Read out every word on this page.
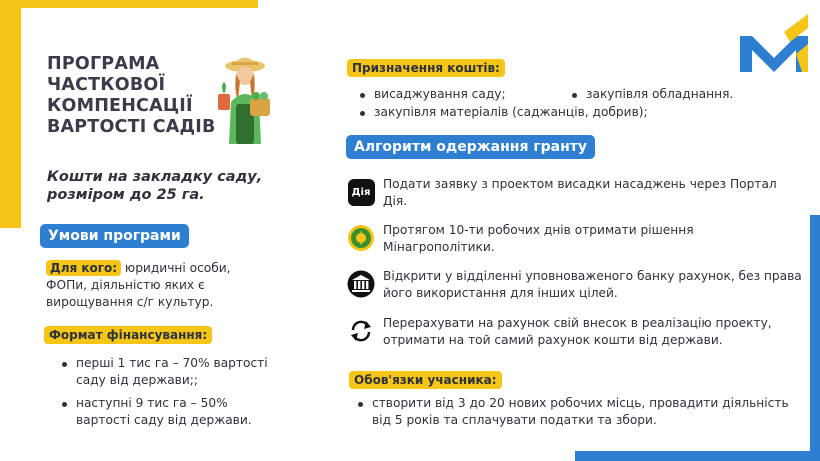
ПРОГРАМА
ЧАСТКОВОЇ
КОМПЕНСАЦІЇ
ВАРТОСТІ САДІВ
Кошти на закладку саду, розміром до 25 га.
Умови програми
Для кого: юридичні особи, ФОПи, діяльністю яких є вирощування с/г культур.
Формат фінансування:
перші 1 тис га – 70% вартості саду від держави;;
наступні 9 тис га – 50% вартості саду від держави.
Призначення коштів:
висаджування саду;	закупівля обладнання.
закупівля матеріалів (саджанців, добрив);
Алгоритм одержання гранту
Дія
Подати заявку з проектом висадки насаджень через Портал Дія.
Протягом 10-ти робочих днів отримати рішення Мінагрополітики.
Відкрити у відділенні уповноваженого банку рахунок, без права його використання для інших цілей.
Перерахувати на рахунок свій внесок в реалізацію проекту, отримати на той самий рахунок кошти від держави.
Обов'язки учасника:
створити від 3 до 20 нових робочих місць, провадити діяльність від 5 років та сплачувати податки та збори.
